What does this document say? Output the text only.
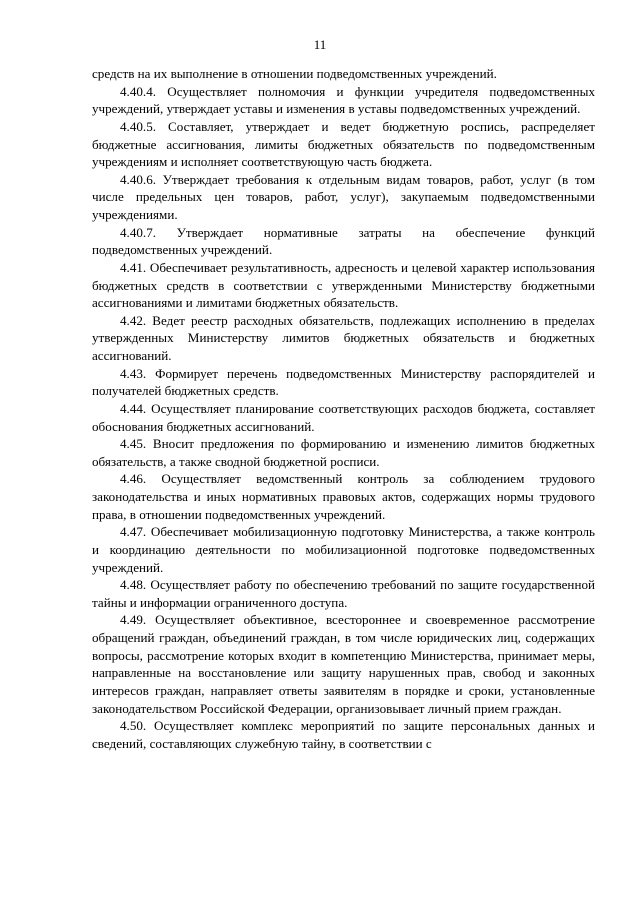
11

средств на их выполнение в отношении подведомственных учреждений.

4.40.4. Осуществляет полномочия и функции учредителя подведомственных учреждений, утверждает уставы и изменения в уставы подведомственных учреждений.

4.40.5. Составляет, утверждает и ведет бюджетную роспись, распределяет бюджетные ассигнования, лимиты бюджетных обязательств по подведомственным учреждениям и исполняет соответствующую часть бюджета.

4.40.6. Утверждает требования к отдельным видам товаров, работ, услуг (в том числе предельных цен товаров, работ, услуг), закупаемым подведомственными учреждениями.

4.40.7. Утверждает нормативные затраты на обеспечение функций подведомственных учреждений.

4.41. Обеспечивает результативность, адресность и целевой характер использования бюджетных средств в соответствии с утвержденными Министерству бюджетными ассигнованиями и лимитами бюджетных обязательств.

4.42. Ведет реестр расходных обязательств, подлежащих исполнению в пределах утвержденных Министерству лимитов бюджетных обязательств и бюджетных ассигнований.

4.43. Формирует перечень подведомственных Министерству распорядителей и получателей бюджетных средств.

4.44. Осуществляет планирование соответствующих расходов бюджета, составляет обоснования бюджетных ассигнований.

4.45. Вносит предложения по формированию и изменению лимитов бюджетных обязательств, а также сводной бюджетной росписи.

4.46. Осуществляет ведомственный контроль за соблюдением трудового законодательства и иных нормативных правовых актов, содержащих нормы трудового права, в отношении подведомственных учреждений.

4.47. Обеспечивает мобилизационную подготовку Министерства, а также контроль и координацию деятельности по мобилизационной подготовке подведомственных учреждений.

4.48. Осуществляет работу по обеспечению требований по защите государственной тайны и информации ограниченного доступа.

4.49. Осуществляет объективное, всестороннее и своевременное рассмотрение обращений граждан, объединений граждан, в том числе юридических лиц, содержащих вопросы, рассмотрение которых входит в компетенцию Министерства, принимает меры, направленные на восстановление или защиту нарушенных прав, свобод и законных интересов граждан, направляет ответы заявителям в порядке и сроки, установленные законодательством Российской Федерации, организовывает личный прием граждан.

4.50. Осуществляет комплекс мероприятий по защите персональных данных и сведений, составляющих служебную тайну, в соответствии с
